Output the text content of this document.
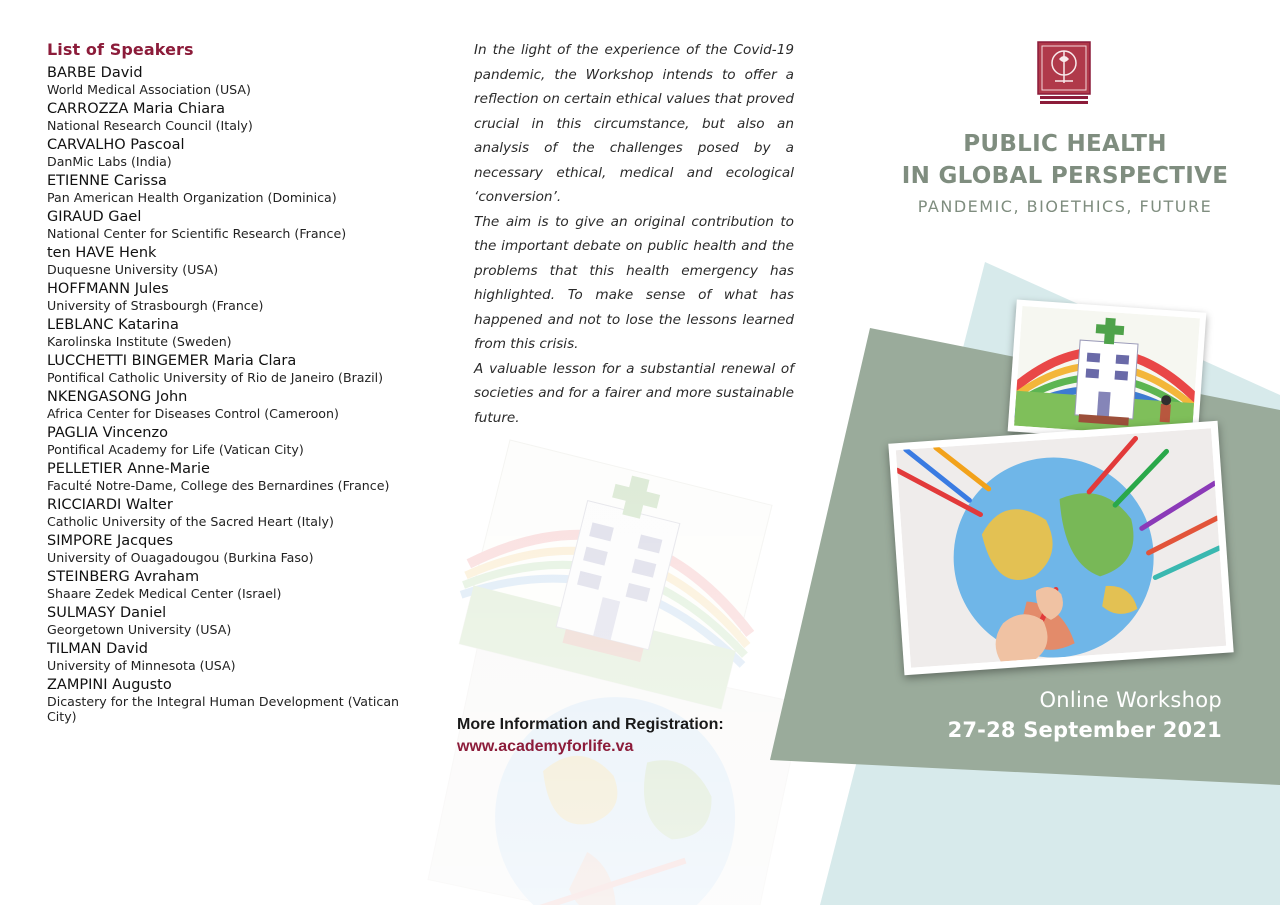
List of Speakers
BARBE David
World Medical Association (USA)
CARROZZA Maria Chiara
National Research Council (Italy)
CARVALHO Pascoal
DanMic Labs (India)
ETIENNE Carissa
Pan American Health Organization (Dominica)
GIRAUD Gael
National Center for Scientific Research (France)
ten HAVE Henk
Duquesne University (USA)
HOFFMANN Jules
University of Strasbourgh (France)
LEBLANC Katarina
Karolinska Institute (Sweden)
LUCCHETTI BINGEMER Maria Clara
Pontifical Catholic University of Rio de Janeiro (Brazil)
NKENGASONG John
Africa Center for Diseases Control (Cameroon)
PAGLIA Vincenzo
Pontifical Academy for Life (Vatican City)
PELLETIER Anne-Marie
Faculté Notre-Dame, College des Bernardines (France)
RICCIARDI Walter
Catholic University of the Sacred Heart (Italy)
SIMPORE Jacques
University of Ouagadougou (Burkina Faso)
STEINBERG Avraham
Shaare Zedek Medical Center (Israel)
SULMASY Daniel
Georgetown University (USA)
TILMAN David
University of Minnesota (USA)
ZAMPINI Augusto
Dicastery for the Integral Human Development (Vatican City)

In the light of the experience of the Covid-19 pandemic, the Workshop intends to offer a reflection on certain ethical values that proved crucial in this circumstance, but also an analysis of the challenges posed by a necessary ethical, medical and ecological ‘conversion’.

The aim is to give an original contribution to the important debate on public health and the problems that this health emergency has highlighted. To make sense of what has happened and not to lose the lessons learned from this crisis.

A valuable lesson for a substantial renewal of societies and for a fairer and more sustainable future.

More Information and Registration:
www.academyforlife.va
PUBLIC HEALTH
IN GLOBAL PERSPECTIVE
PANDEMIC, BIOETHICS, FUTURE
Online Workshop
27-28 September 2021
